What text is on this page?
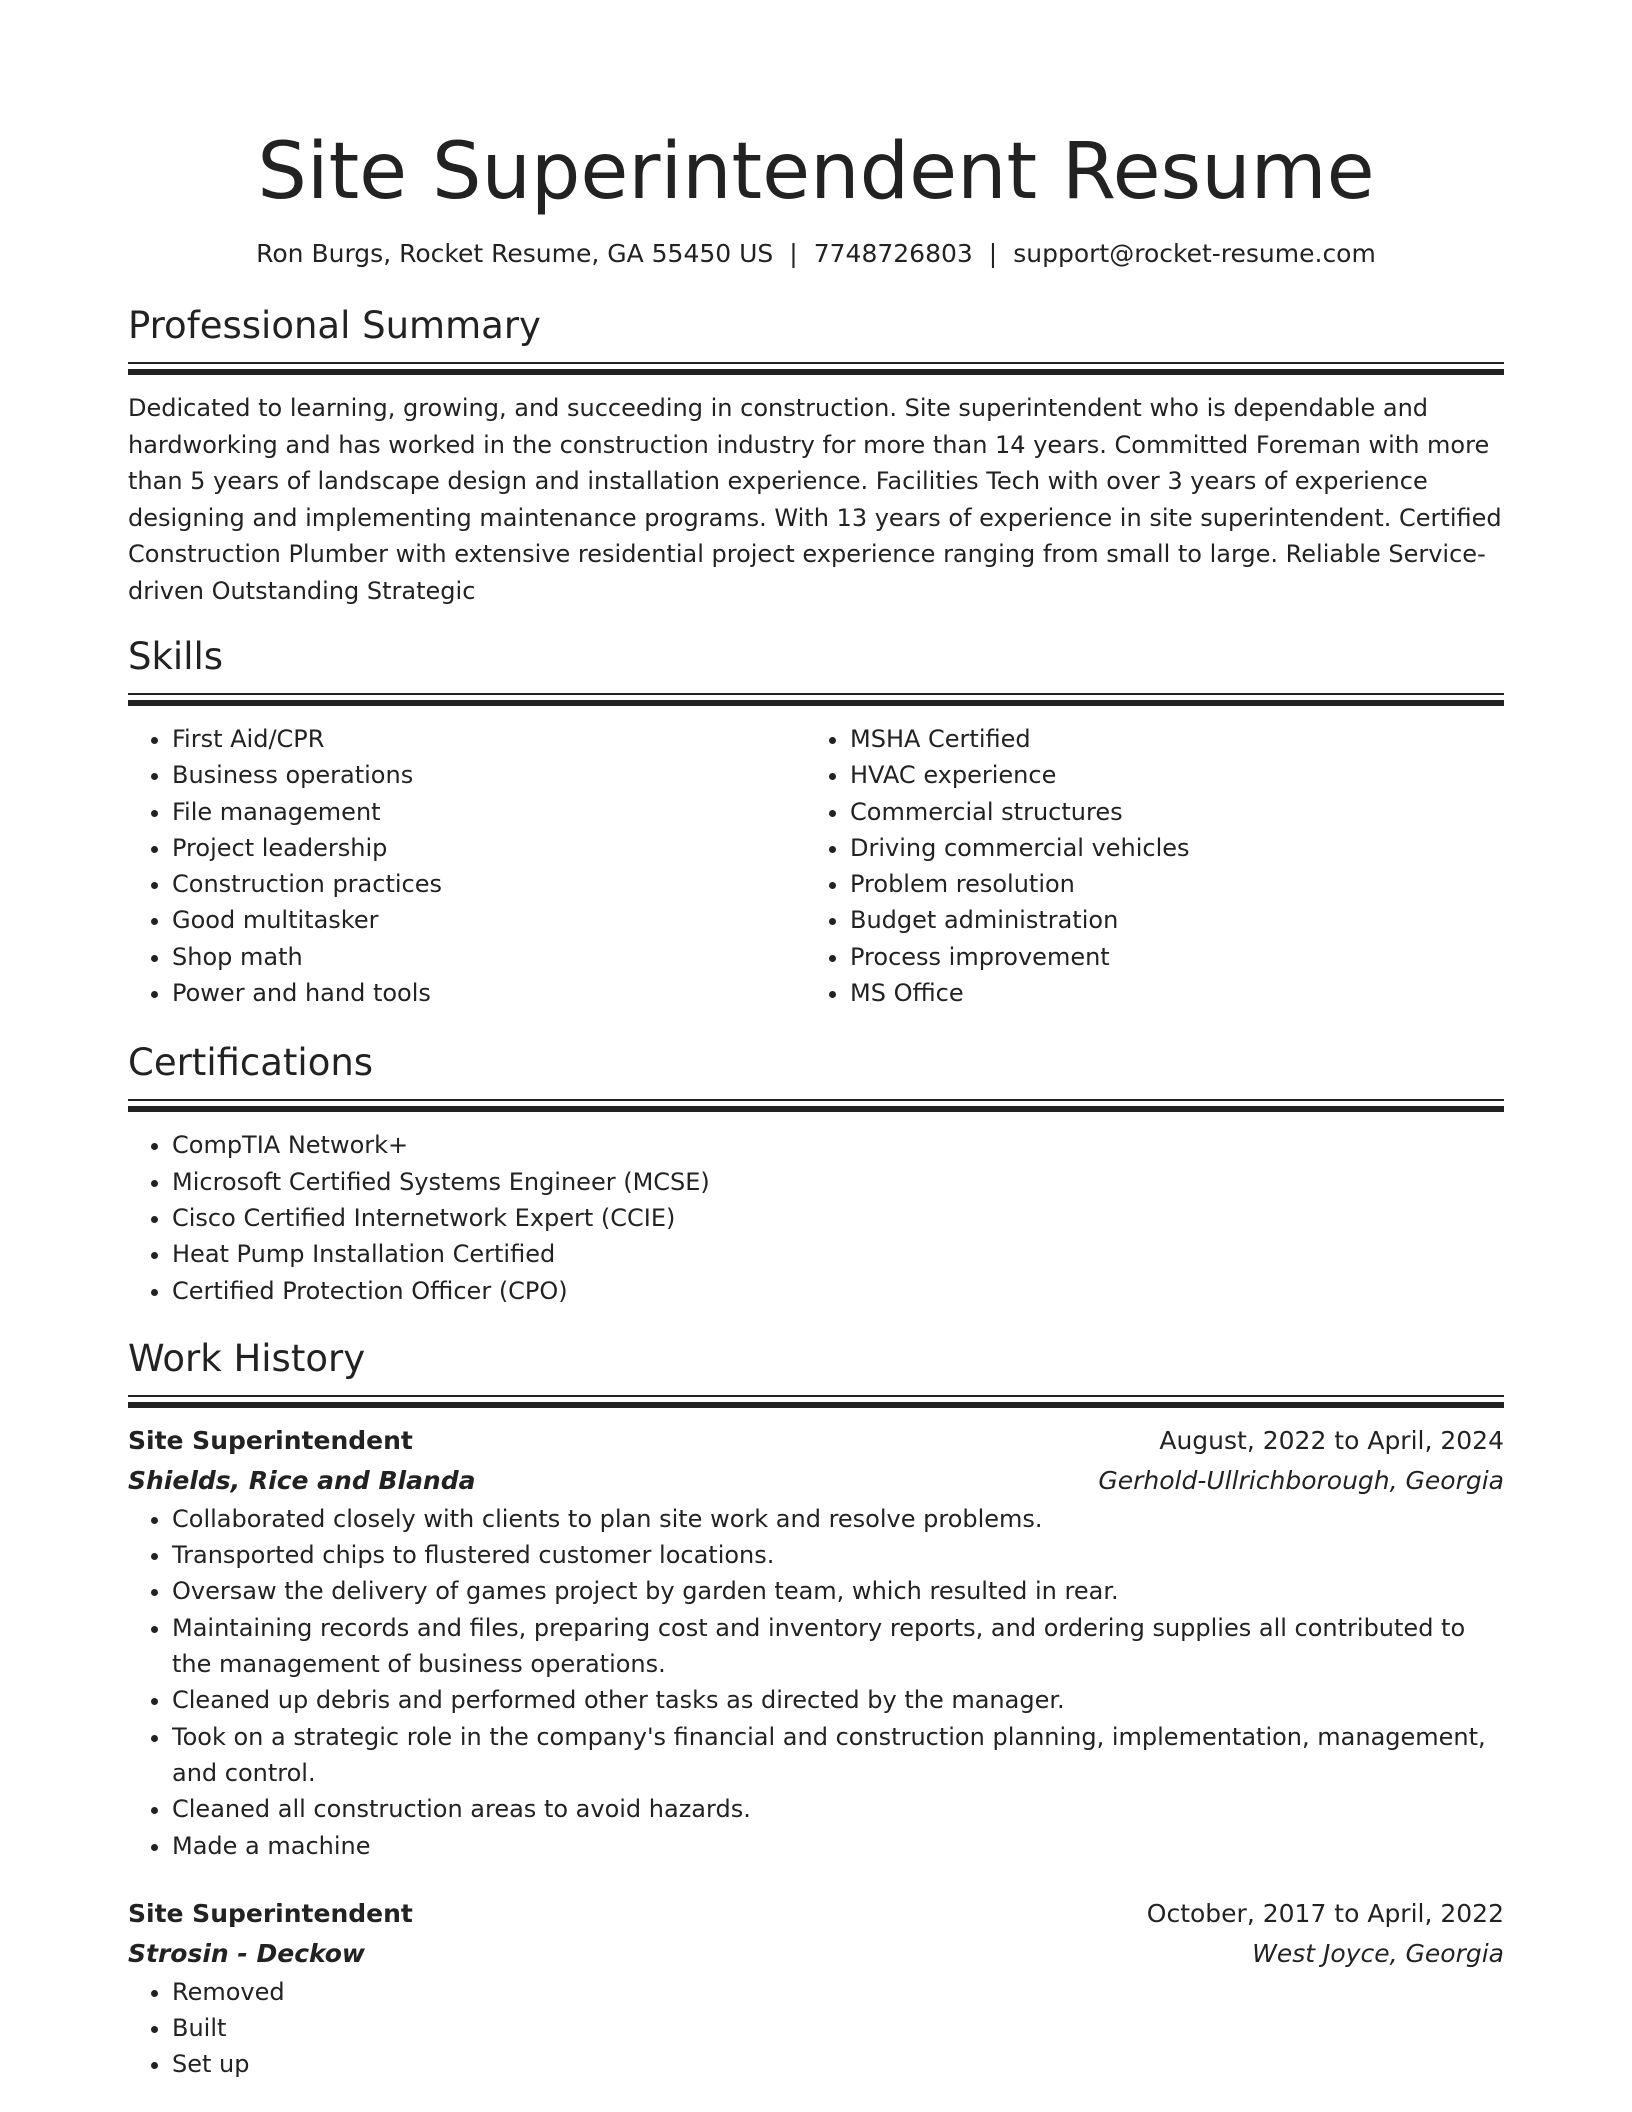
Site Superintendent Resume
Ron Burgs, Rocket Resume, GA 55450 US | 7748726803 | support@rocket-resume.com
Professional Summary
Dedicated to learning, growing, and succeeding in construction. Site superintendent who is dependable and hardworking and has worked in the construction industry for more than 14 years. Committed Foreman with more than 5 years of landscape design and installation experience. Facilities Tech with over 3 years of experience designing and implementing maintenance programs. With 13 years of experience in site superintendent. Certified Construction Plumber with extensive residential project experience ranging from small to large. Reliable Service-driven Outstanding Strategic
Skills
• First Aid/CPR
• Business operations
• File management
• Project leadership
• Construction practices
• Good multitasker
• Shop math
• Power and hand tools
• MSHA Certified
• HVAC experience
• Commercial structures
• Driving commercial vehicles
• Problem resolution
• Budget administration
• Process improvement
• MS Office
Certifications
• CompTIA Network+
• Microsoft Certified Systems Engineer (MCSE)
• Cisco Certified Internetwork Expert (CCIE)
• Heat Pump Installation Certified
• Certified Protection Officer (CPO)
Work History
Site Superintendent	August, 2022 to April, 2024
Shields, Rice and Blanda	Gerhold-Ullrichborough, Georgia
• Collaborated closely with clients to plan site work and resolve problems.
• Transported chips to flustered customer locations.
• Oversaw the delivery of games project by garden team, which resulted in rear.
• Maintaining records and files, preparing cost and inventory reports, and ordering supplies all contributed to the management of business operations.
• Cleaned up debris and performed other tasks as directed by the manager.
• Took on a strategic role in the company's financial and construction planning, implementation, management, and control.
• Cleaned all construction areas to avoid hazards.
• Made a machine
Site Superintendent	October, 2017 to April, 2022
Strosin - Deckow	West Joyce, Georgia
• Removed
• Built
• Set up
